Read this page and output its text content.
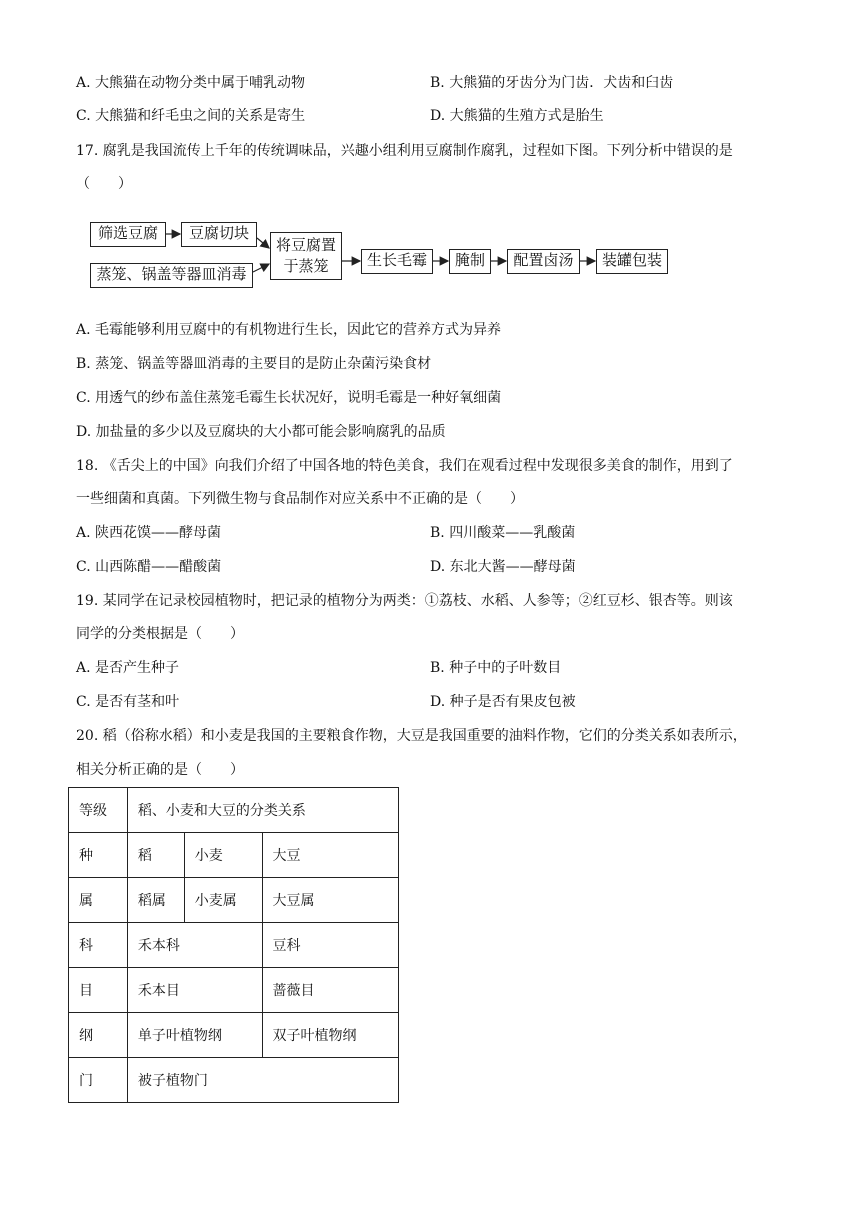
A. 大熊猫在动物分类中属于哺乳动物	B. 大熊猫的牙齿分为门齿．犬齿和臼齿
C. 大熊猫和纤毛虫之间的关系是寄生	D. 大熊猫的生殖方式是胎生
17. 腐乳是我国流传上千年的传统调味品，兴趣小组利用豆腐制作腐乳，过程如下图。下列分析中错误的是
（　　）
筛选豆腐	豆腐切块
蒸笼、锅盖等器皿消毒
将豆腐置
于蒸笼	生长毛霉	腌制	配置卤汤	装罐包装
A. 毛霉能够利用豆腐中的有机物进行生长，因此它的营养方式为异养
B. 蒸笼、锅盖等器皿消毒的主要目的是防止杂菌污染食材
C. 用透气的纱布盖住蒸笼毛霉生长状况好，说明毛霉是一种好氧细菌
D. 加盐量的多少以及豆腐块的大小都可能会影响腐乳的品质
18. 《舌尖上的中国》向我们介绍了中国各地的特色美食，我们在观看过程中发现很多美食的制作，用到了
一些细菌和真菌。下列微生物与食品制作对应关系中不正确的是（　　）
A. 陕西花馍——酵母菌	B. 四川酸菜——乳酸菌
C. 山西陈醋——醋酸菌	D. 东北大酱——酵母菌
19. 某同学在记录校园植物时，把记录的植物分为两类：①荔枝、水稻、人参等；②红豆杉、银杏等。则该
同学的分类根据是（　　）
A. 是否产生种子	B. 种子中的子叶数目
C. 是否有茎和叶	D. 种子是否有果皮包被
20. 稻（俗称水稻）和小麦是我国的主要粮食作物，大豆是我国重要的油料作物，它们的分类关系如表所示，
相关分析正确的是（　　）
等级	稻、小麦和大豆的分类关系		
种	稻	小麦	大豆
属	稻属	小麦属	大豆属
科	禾本科		豆科
目	禾本目		蔷薇目
纲	单子叶植物纲		双子叶植物纲
门	被子植物门		
